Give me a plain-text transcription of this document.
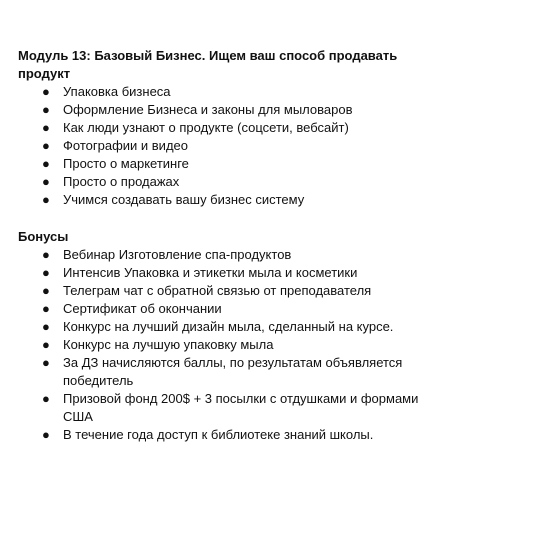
Модуль 13: Базовый Бизнес. Ищем ваш способ продавать продукт

● Упаковка бизнеса
● Оформление Бизнеса и законы для мыловаров
● Как люди узнают о продукте (соцсети, вебсайт)
● Фотографии и видео
● Просто о маркетинге
● Просто о продажах
● Учимся создавать вашу бизнес систему

Бонусы

● Вебинар Изготовление спа-продуктов
● Интенсив Упаковка и этикетки мыла и косметики
● Телеграм чат с обратной связью от преподавателя
● Сертификат об окончании
● Конкурс на лучший дизайн мыла, сделанный на курсе.
● Конкурс на лучшую упаковку мыла
● За ДЗ начисляются баллы, по результатам объявляется победитель
● Призовой фонд 200$ + 3 посылки с отдушками и формами США
● В течение года доступ к библиотеке знаний школы.
